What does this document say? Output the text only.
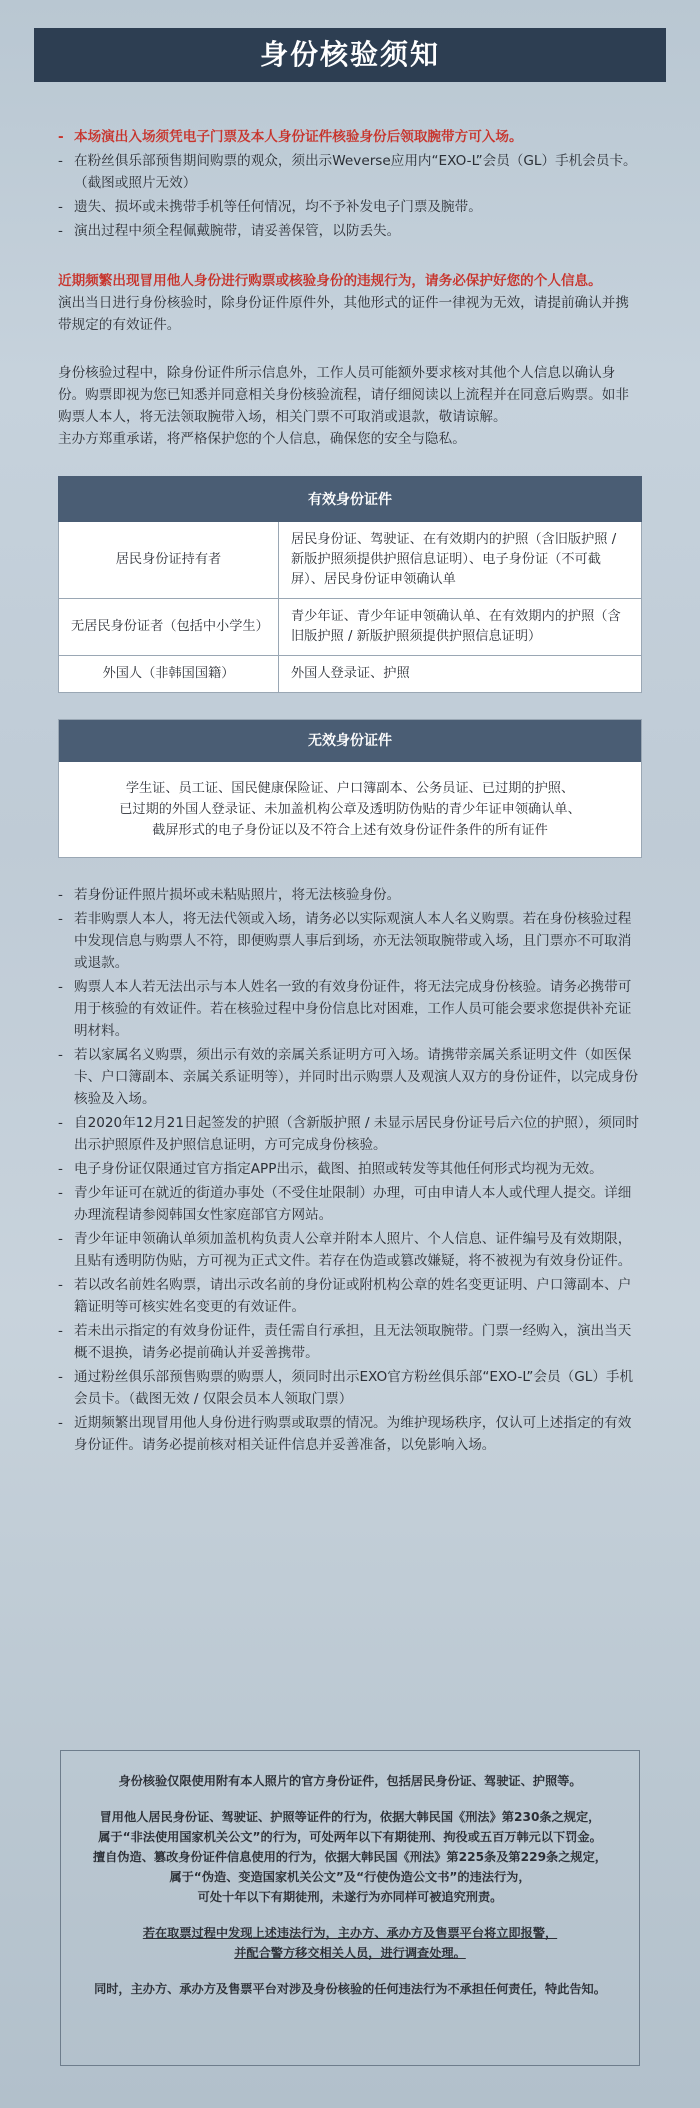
身份核验须知
- 本场演出入场须凭电子门票及本人身份证件核验身份后领取腕带方可入场。
- 在粉丝俱乐部预售期间购票的观众，须出示Weverse应用内“EXO-L”会员（GL）手机会员卡。（截图或照片无效）
- 遗失、损坏或未携带手机等任何情况，均不予补发电子门票及腕带。
- 演出过程中须全程佩戴腕带，请妥善保管，以防丢失。

近期频繁出现冒用他人身份进行购票或核验身份的违规行为，请务必保护好您的个人信息。

演出当日进行身份核验时，除身份证件原件外，其他形式的证件一律视为无效，请提前确认并携带规定的有效证件。

身份核验过程中，除身份证件所示信息外，工作人员可能额外要求核对其他个人信息以确认身份。购票即视为您已知悉并同意相关身份核验流程，请仔细阅读以上流程并在同意后购票。如非购票人本人，将无法领取腕带入场，相关门票不可取消或退款，敬请谅解。

主办方郑重承诺，将严格保护您的个人信息，确保您的安全与隐私。

有效身份证件	
居民身份证持有者	居民身份证、驾驶证、在有效期内的护照（含旧版护照 / 新版护照须提供护照信息证明）、电子身份证（不可截屏）、居民身份证申领确认单
无居民身份证者（包括中小学生）	青少年证、青少年证申领确认单、在有效期内的护照（含旧版护照 / 新版护照须提供护照信息证明）
外国人（非韩国国籍）	外国人登录证、护照
无效身份证件
学生证、员工证、国民健康保险证、户口簿副本、公务员证、已过期的护照、
已过期的外国人登录证、未加盖机构公章及透明防伪贴的青少年证申领确认单、
截屏形式的电子身份证以及不符合上述有效身份证件条件的所有证件
- 若身份证件照片损坏或未粘贴照片，将无法核验身份。
- 若非购票人本人，将无法代领或入场，请务必以实际观演人本人名义购票。若在身份核验过程中发现信息与购票人不符，即便购票人事后到场，亦无法领取腕带或入场，且门票亦不可取消或退款。
- 购票人本人若无法出示与本人姓名一致的有效身份证件，将无法完成身份核验。请务必携带可用于核验的有效证件。若在核验过程中身份信息比对困难，工作人员可能会要求您提供补充证明材料。
- 若以家属名义购票，须出示有效的亲属关系证明方可入场。请携带亲属关系证明文件（如医保卡、户口簿副本、亲属关系证明等），并同时出示购票人及观演人双方的身份证件，以完成身份核验及入场。
- 自2020年12月21日起签发的护照（含新版护照 / 未显示居民身份证号后六位的护照），须同时出示护照原件及护照信息证明，方可完成身份核验。
- 电子身份证仅限通过官方指定APP出示，截图、拍照或转发等其他任何形式均视为无效。
- 青少年证可在就近的街道办事处（不受住址限制）办理，可由申请人本人或代理人提交。详细办理流程请参阅韩国女性家庭部官方网站。
- 青少年证申领确认单须加盖机构负责人公章并附本人照片、个人信息、证件编号及有效期限，且贴有透明防伪贴，方可视为正式文件。若存在伪造或篡改嫌疑，将不被视为有效身份证件。
- 若以改名前姓名购票，请出示改名前的身份证或附机构公章的姓名变更证明、户口簿副本、户籍证明等可核实姓名变更的有效证件。
- 若未出示指定的有效身份证件，责任需自行承担，且无法领取腕带。门票一经购入，演出当天概不退换，请务必提前确认并妥善携带。
- 通过粉丝俱乐部预售购票的购票人，须同时出示EXO官方粉丝俱乐部“EXO-L”会员（GL）手机会员卡。（截图无效 / 仅限会员本人领取门票）
- 近期频繁出现冒用他人身份进行购票或取票的情况。为维护现场秩序，仅认可上述指定的有效身份证件。请务必提前核对相关证件信息并妥善准备，以免影响入场。

身份核验仅限使用附有本人照片的官方身份证件，包括居民身份证、驾驶证、护照等。

冒用他人居民身份证、驾驶证、护照等证件的行为，依据大韩民国《刑法》第230条之规定，

属于“非法使用国家机关公文”的行为，可处两年以下有期徒刑、拘役或五百万韩元以下罚金。

擅自伪造、篡改身份证件信息使用的行为，依据大韩民国《刑法》第225条及第229条之规定，

属于“伪造、变造国家机关公文”及“行使伪造公文书”的违法行为，

可处十年以下有期徒刑，未遂行为亦同样可被追究刑责。

若在取票过程中发现上述违法行为，主办方、承办方及售票平台将立即报警，

并配合警方移交相关人员，进行调查处理。

同时，主办方、承办方及售票平台对涉及身份核验的任何违法行为不承担任何责任，特此告知。
